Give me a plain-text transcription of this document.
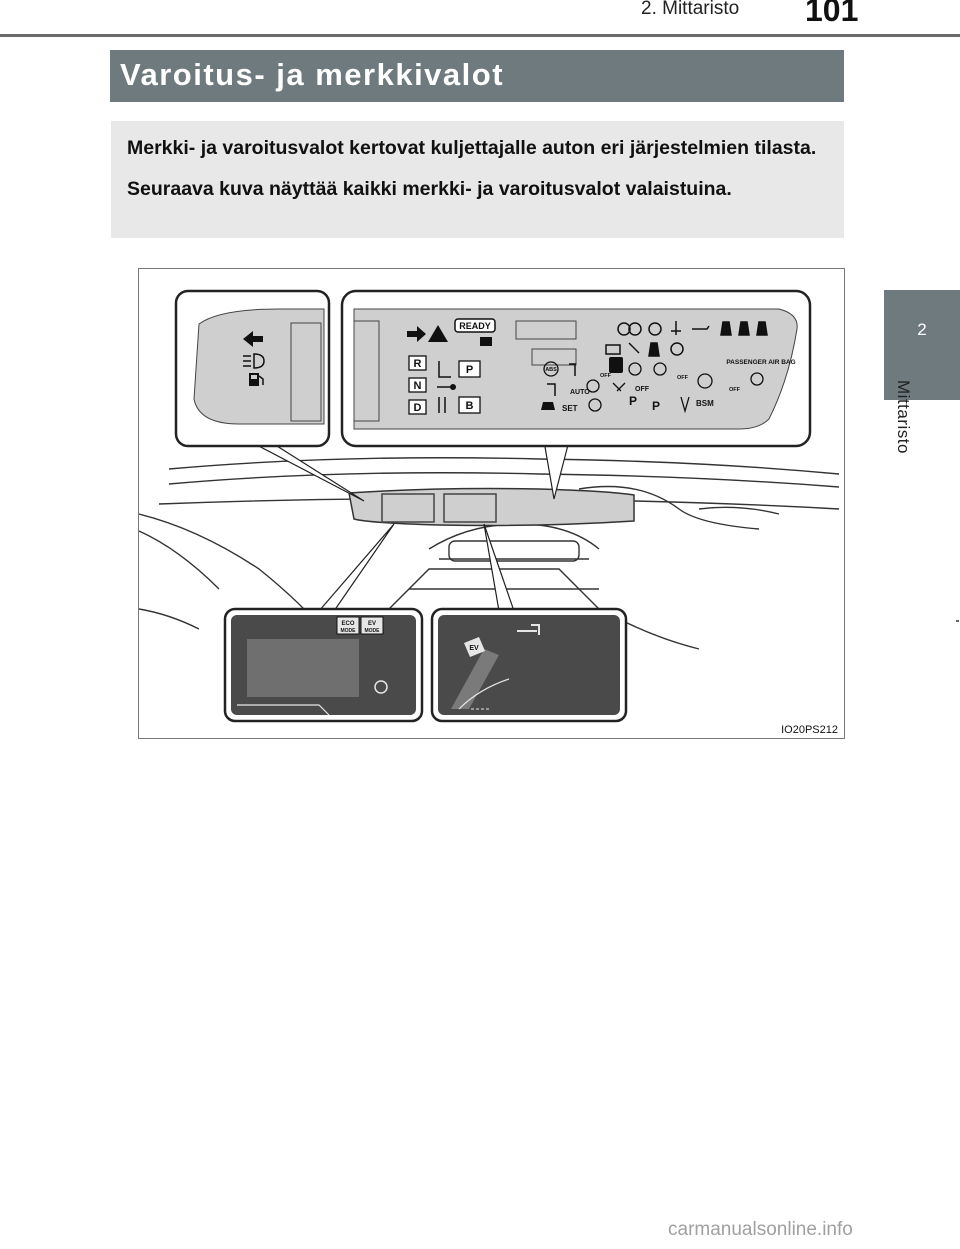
2. Mittaristo 101
Varoitus- ja merkkivalot

Merkki- ja varoitusvalot kertovat kuljettajalle auton eri järjestelmien tilasta.

Seuraava kuva näyttää kaikki merkki- ja varoitusvalot valaistuina.

2
Mittaristo
READY
R
N
D
P
B
PASSENGER AIR BAG
ABS
OFF	OFF
OFF
AUTO	OFF
SET
P P	BSM
ECO
MODE
EV
MODE
EV
IO20PS212
carmanualsonline.info
